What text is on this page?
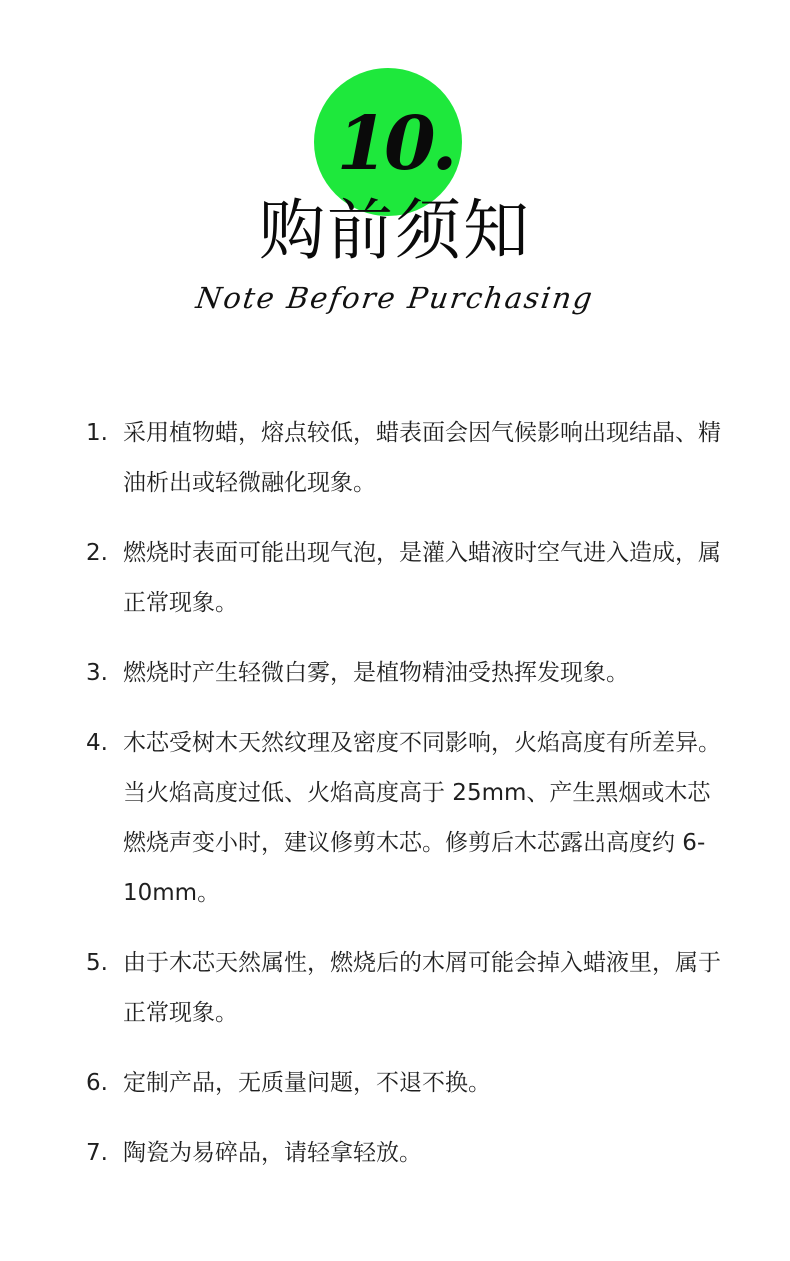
10.
购前须知
Note Before Purchasing
1. 采用植物蜡，熔点较低，蜡表面会因气候影响出现结晶、精油析出或轻微融化现象。
2. 燃烧时表面可能出现气泡，是灌入蜡液时空气进入造成，属正常现象。
3. 燃烧时产生轻微白雾，是植物精油受热挥发现象。
4. 木芯受树木天然纹理及密度不同影响，火焰高度有所差异。当火焰高度过低、火焰高度高于 25mm、产生黑烟或木芯燃烧声变小时，建议修剪木芯。修剪后木芯露出高度约 6-10mm。
5. 由于木芯天然属性，燃烧后的木屑可能会掉入蜡液里，属于正常现象。
6. 定制产品，无质量问题，不退不换。
7. 陶瓷为易碎品，请轻拿轻放。
